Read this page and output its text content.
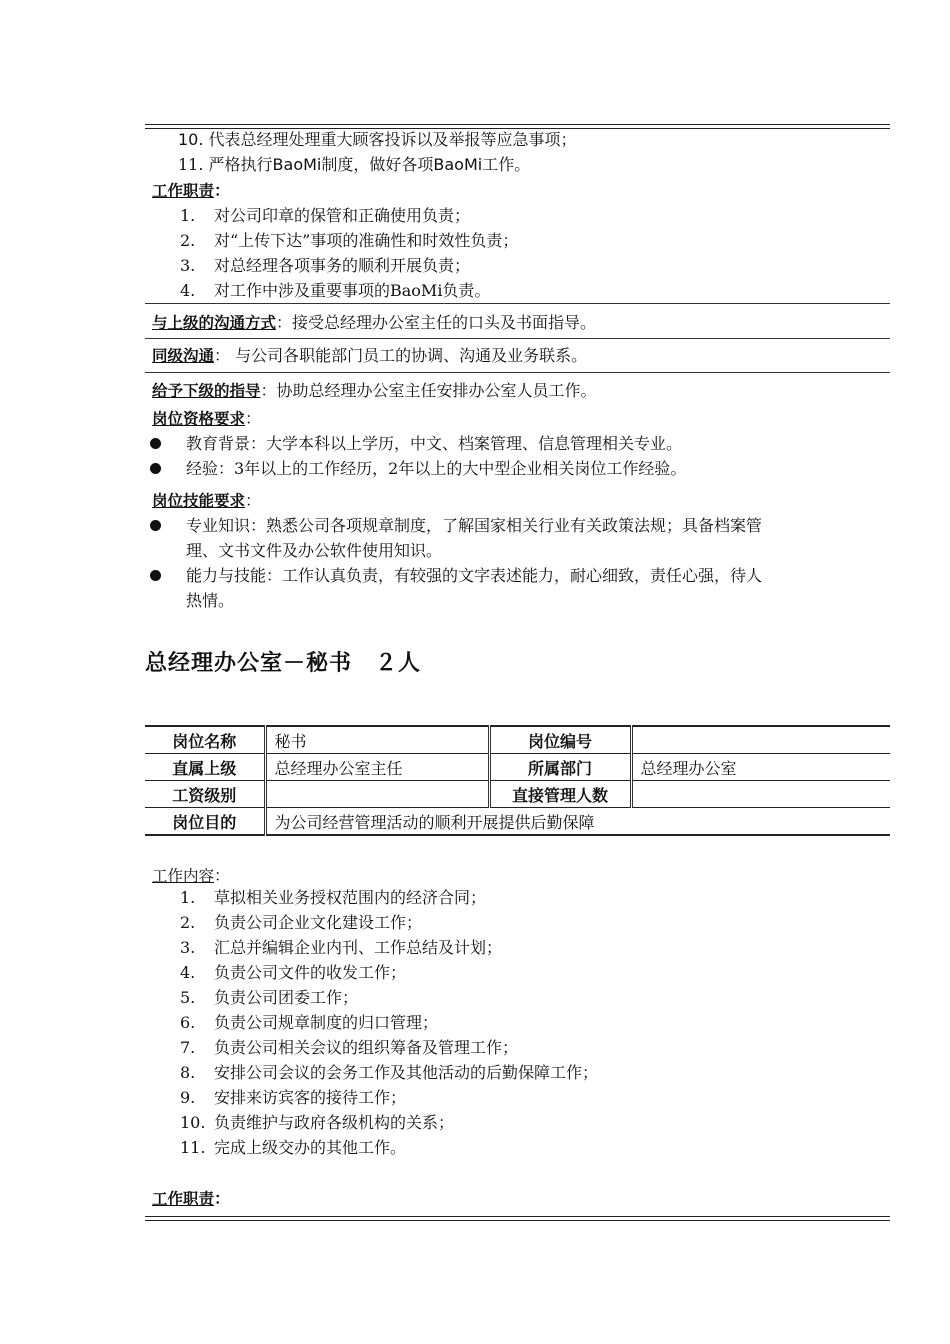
10. 代表总经理处理重大顾客投诉以及举报等应急事项；
11. 严格执行BaoMi制度，做好各项BaoMi工作。
工作职责：
1. 对公司印章的保管和正确使用负责；
2. 对“上传下达”事项的准确性和时效性负责；
3. 对总经理各项事务的顺利开展负责；
4. 对工作中涉及重要事项的BaoMi负责。
与上级的沟通方式：接受总经理办公室主任的口头及书面指导。
同级沟通： 与公司各职能部门员工的协调、沟通及业务联系。
给予下级的指导：协助总经理办公室主任安排办公室人员工作。
岗位资格要求：
教育背景：大学本科以上学历，中文、档案管理、信息管理相关专业。
经验：3年以上的工作经历，2年以上的大中型企业相关岗位工作经验。
岗位技能要求：
专业知识：熟悉公司各项规章制度，了解国家相关行业有关政策法规；具备档案管
理、文书文件及办公软件使用知识。
能力与技能：工作认真负责，有较强的文字表述能力，耐心细致，责任心强，待人
热情。
总经理办公室－秘书　２人
岗位名称	秘书	岗位编号	
直属上级	总经理办公室主任	所属部门	总经理办公室
工资级别		直接管理人数	
岗位目的	为公司经营管理活动的顺利开展提供后勤保障		
工作内容：
1. 草拟相关业务授权范围内的经济合同；
2. 负责公司企业文化建设工作；
3. 汇总并编辑企业内刊、工作总结及计划；
4. 负责公司文件的收发工作；
5. 负责公司团委工作；
6. 负责公司规章制度的归口管理；
7. 负责公司相关会议的组织筹备及管理工作；
8. 安排公司会议的会务工作及其他活动的后勤保障工作；
9. 安排来访宾客的接待工作；
10. 负责维护与政府各级机构的关系；
11. 完成上级交办的其他工作。
工作职责：
